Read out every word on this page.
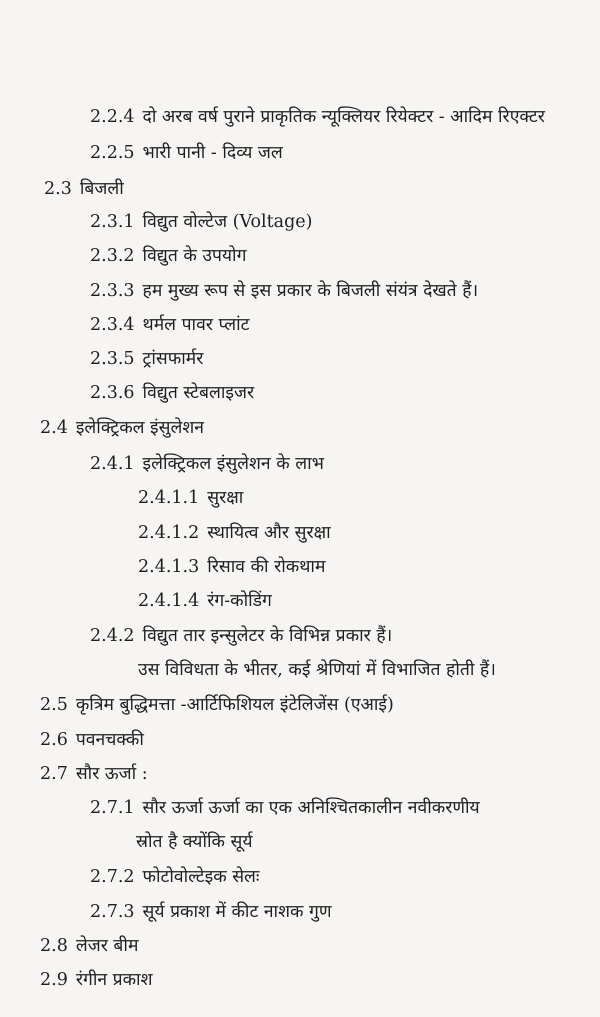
2.2.4 दो अरब वर्ष पुराने प्राकृतिक न्यूक्लियर रियेक्टर - आदिम रिएक्टर
2.2.5 भारी पानी - दिव्य जल
2.3 बिजली
2.3.1 विद्युत वोल्टेज (Voltage)
2.3.2 विद्युत के उपयोग
2.3.3 हम मुख्य रूप से इस प्रकार के बिजली संयंत्र देखते हैं।
2.3.4 थर्मल पावर प्लांट
2.3.5 ट्रांसफार्मर
2.3.6 विद्युत स्टेबलाइजर
2.4 इलेक्ट्रिकल इंसुलेशन
2.4.1 इलेक्ट्रिकल इंसुलेशन के लाभ
2.4.1.1 सुरक्षा
2.4.1.2 स्थायित्व और सुरक्षा
2.4.1.3 रिसाव की रोकथाम
2.4.1.4 रंग-कोडिंग
2.4.2 विद्युत तार इन्सुलेटर के विभिन्न प्रकार हैं।
उस विविधता के भीतर, कई श्रेणियां में विभाजित होती हैं।
2.5 कृत्रिम बुद्धिमत्ता -आर्टिफिशियल इंटेलिजेंस (एआई)
2.6 पवनचक्की
2.7 सौर ऊर्जा :
2.7.1 सौर ऊर्जा ऊर्जा का एक अनिश्चितकालीन नवीकरणीय
स्रोत है क्योंकि सूर्य
2.7.2 फोटोवोल्टेइक सेलः
2.7.3 सूर्य प्रकाश में कीट नाशक गुण
2.8 लेजर बीम
2.9 रंगीन प्रकाश
